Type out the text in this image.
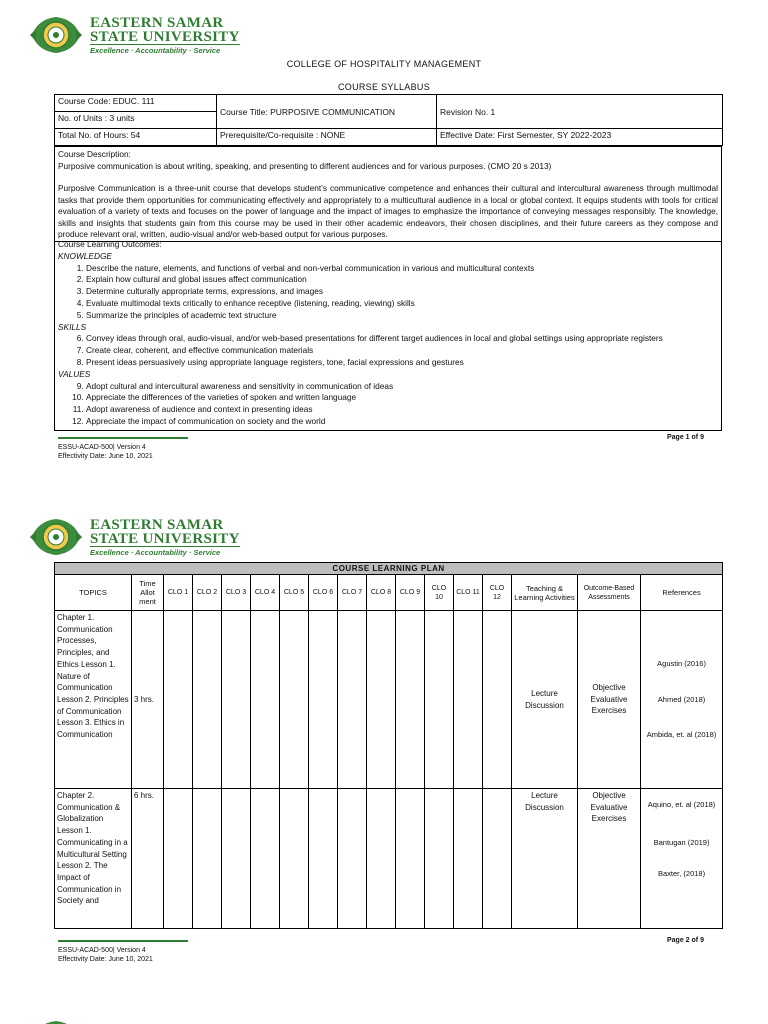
EASTERN SAMAR
STATE UNIVERSITY
Excellence · Accountability · Service
COLLEGE OF HOSPITALITY MANAGEMENT
COURSE SYLLABUS
Course Code: EDUC. 111	Course Title: PURPOSIVE COMMUNICATION	Revision No. 1
No. of Units : 3 units		
Total No. of Hours: 54	Prerequisite/Co-requisite : NONE	Effective Date: First Semester, SY 2022-2023

Course Description:

Purposive communication is about writing, speaking, and presenting to different audiences and for various purposes. (CMO 20 s 2013)

Purposive Communication is a three-unit course that develops student’s communicative competence and enhances their cultural and intercultural awareness through multimodal tasks that provide them opportunities for communicating effectively and appropriately to a multicultural audience in a local or global context. It equips students with tools for critical evaluation of a variety of texts and focuses on the power of language and the impact of images to emphasize the importance of conveying messages responsibly. The knowledge, skills and insights that students gain from this course may be used in their other academic endeavors, their chosen disciplines, and their future careers as they compose and produce relevant oral, written, audio-visual and/or web-based output for various purposes.

Course Learning Outcomes:
KNOWLEDGE
1. Describe the nature, elements, and functions of verbal and non-verbal communication in various and multicultural contexts
2. Explain how cultural and global issues affect communication
3. Determine culturally appropriate terms, expressions, and images
4. Evaluate multimodal texts critically to enhance receptive (listening, reading, viewing) skills
5. Summarize the principles of academic text structure
SKILLS
6. Convey ideas through oral, audio-visual, and/or web-based presentations for different target audiences in local and global settings using appropriate registers
7. Create clear, coherent, and effective communication materials
8. Present ideas persuasively using appropriate language registers, tone, facial expressions and gestures
VALUES
9. Adopt cultural and intercultural awareness and sensitivity in communication of ideas
10. Appreciate the differences of the varieties of spoken and written language
11. Adopt awareness of audience and context in presenting ideas
12. Appreciate the impact of communication on society and the world
ESSU-ACAD-500| Version 4
Effectivity Date: June 10, 2021
Page 1 of 9
EASTERN SAMAR
STATE UNIVERSITY
Excellence · Accountability · Service
COURSE LEARNING PLAN																
TOPICS	Time Allot ment	CLO 1	CLO 2	CLO 3	CLO 4	CLO 5	CLO 6	CLO 7	CLO 8	CLO 9	CLO 10	CLO 11	CLO 12	Teaching & Learning Activities	Outcome-Based Assessments	References
Chapter 1. Communication Processes, Principles, and Ethics Lesson 1. Nature of Communication Lesson 2. Principles of Communication Lesson 3. Ethics in Communication	3 hrs.													Lecture Discussion	Objective Evaluative Exercises	Agustin (2016)
Ahmed (2018)
Ambida, et. al (2018)

Chapter 2. Communication & Globalization Lesson 1. Communicating in a Multicultural Setting Lesson 2. The Impact of Communication in Society and	6 hrs.													Lecture Discussion	Objective Evaluative Exercises	Aquino, et. al (2018)
Bantugan (2019)
Baxter, (2018)
ESSU-ACAD-500| Version 4
Effectivity Date: June 10, 2021
Page 2 of 9
